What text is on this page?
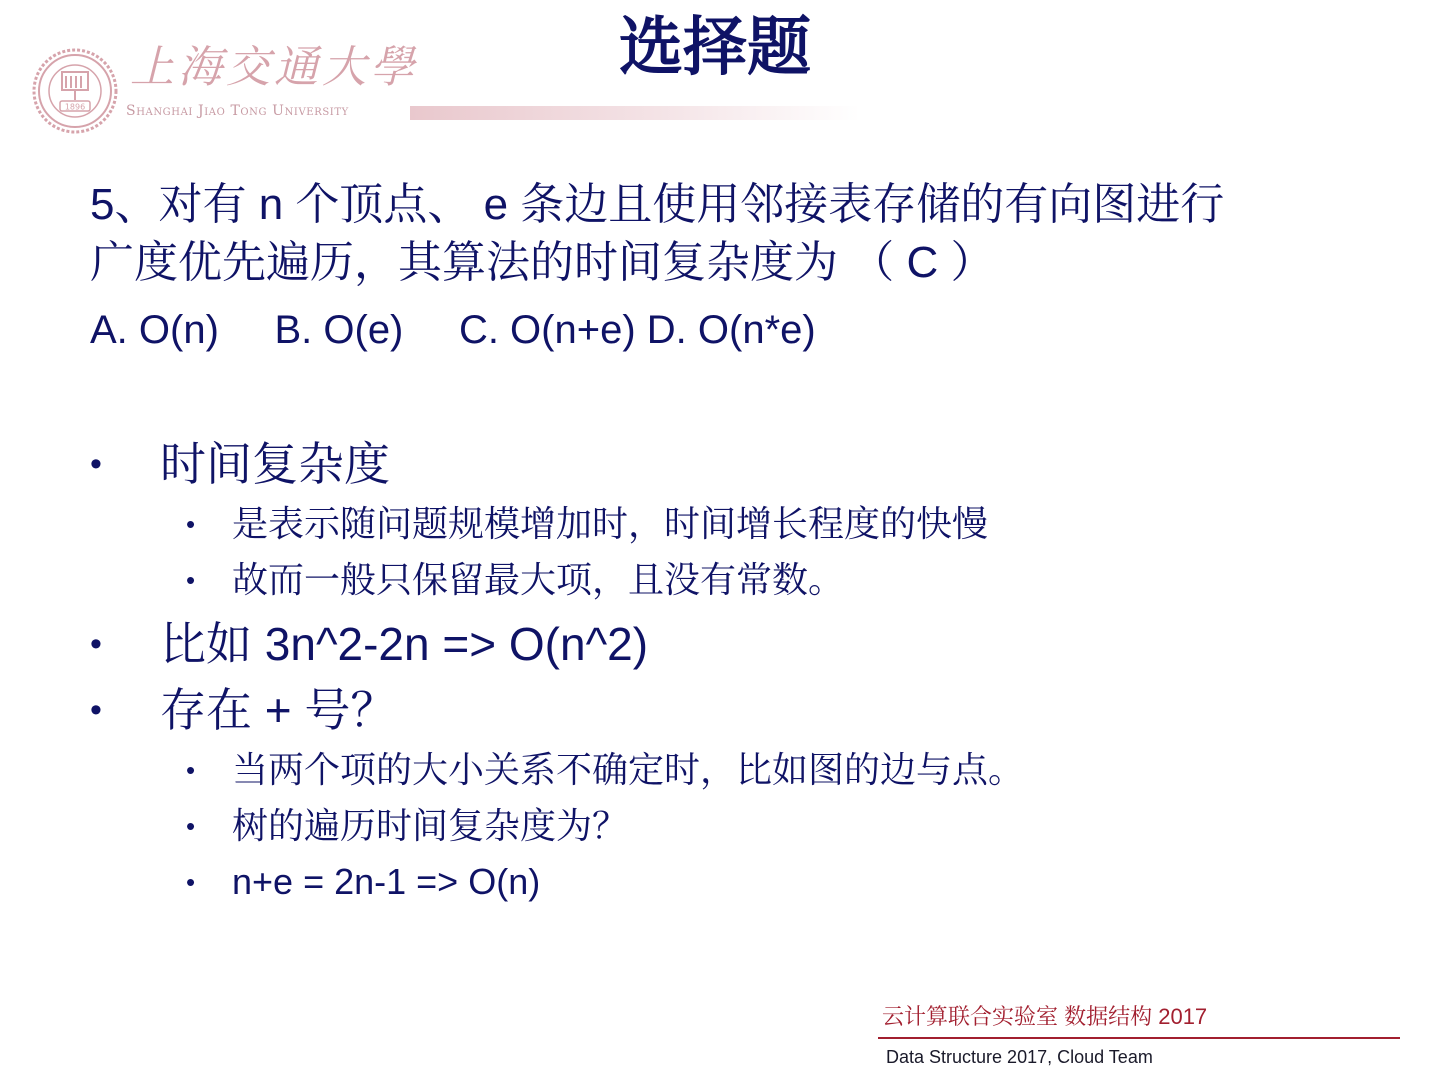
1896
上海交通大學
Shanghai Jiao Tong University
选择题
5、对有 n 个顶点、 e 条边且使用邻接表存储的有向图进行
广度优先遍历，其算法的时间复杂度为 （ C ）
A. O(n)     B. O(e)     C. O(n+e) D. O(n*e)
• 时间复杂度
• 是表示随问题规模增加时，时间增长程度的快慢
• 故而一般只保留最大项，且没有常数。
• 比如 3n^2-2n => O(n^2)
• 存在 + 号？
• 当两个项的大小关系不确定时，比如图的边与点。
• 树的遍历时间复杂度为？
• n+e = 2n-1 => O(n)
云计算联合实验室 数据结构 2017
Data Structure 2017, Cloud Team
